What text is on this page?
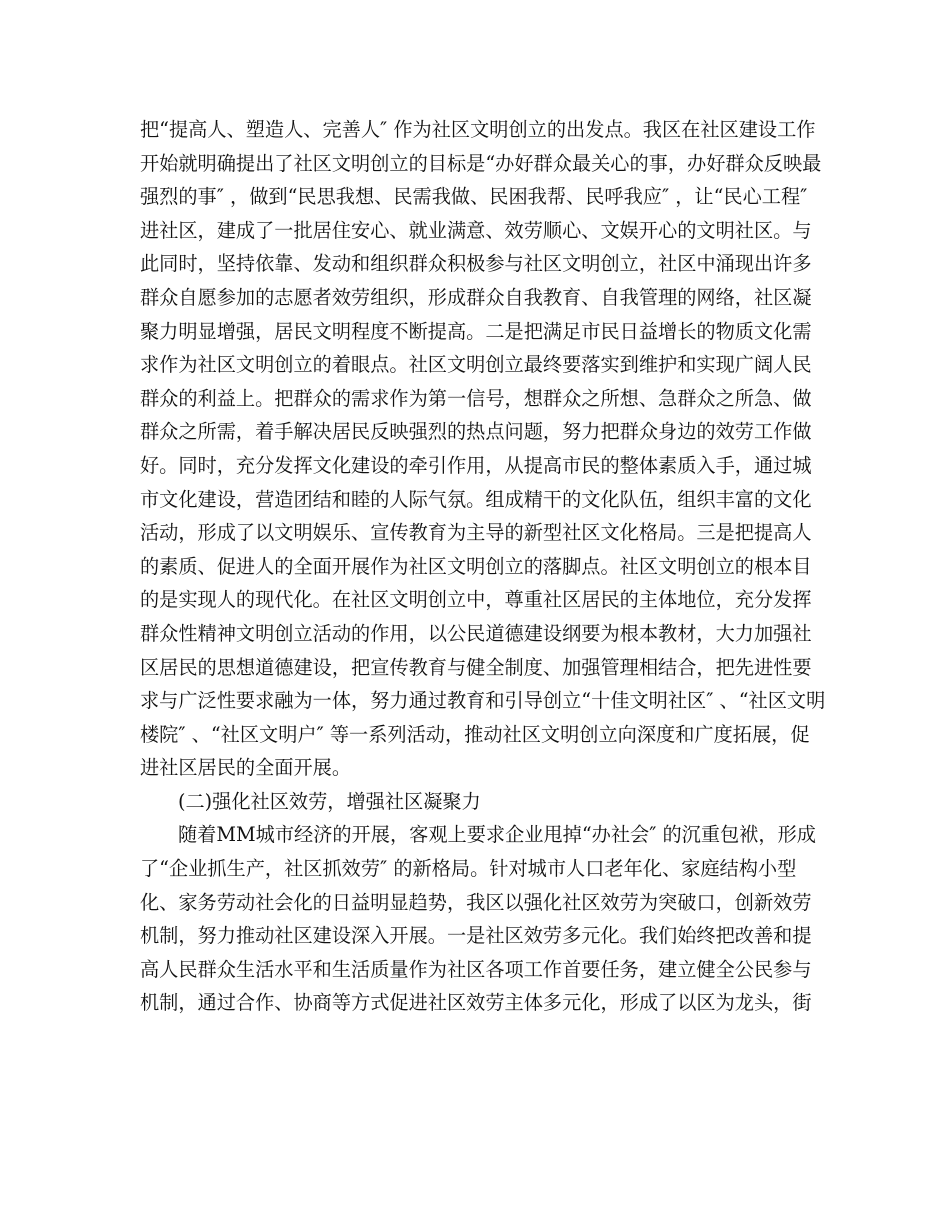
把“提高人、塑造人、完善人″ 作为社区文明创立的出发点。我区在社区建设工作
开始就明确提出了社区文明创立的目标是“办好群众最关心的事，办好群众反映最
强烈的事″ ，做到“民思我想、民需我做、民困我帮、民呼我应″ ，让“民心工程″
进社区，建成了一批居住安心、就业满意、效劳顺心、文娱开心的文明社区。与
此同时，坚持依靠、发动和组织群众积极参与社区文明创立，社区中涌现出许多
群众自愿参加的志愿者效劳组织，形成群众自我教育、自我管理的网络，社区凝
聚力明显增强，居民文明程度不断提高。二是把满足市民日益增长的物质文化需
求作为社区文明创立的着眼点。社区文明创立最终要落实到维护和实现广阔人民
群众的利益上。把群众的需求作为第一信号，想群众之所想、急群众之所急、做
群众之所需，着手解决居民反映强烈的热点问题，努力把群众身边的效劳工作做
好。同时，充分发挥文化建设的牵引作用，从提高市民的整体素质入手，通过城
市文化建设，营造团结和睦的人际气氛。组成精干的文化队伍，组织丰富的文化
活动，形成了以文明娱乐、宣传教育为主导的新型社区文化格局。三是把提高人
的素质、促进人的全面开展作为社区文明创立的落脚点。社区文明创立的根本目
的是实现人的现代化。在社区文明创立中，尊重社区居民的主体地位，充分发挥
群众性精神文明创立活动的作用，以公民道德建设纲要为根本教材，大力加强社
区居民的思想道德建设，把宣传教育与健全制度、加强管理相结合，把先进性要
求与广泛性要求融为一体，努力通过教育和引导创立“十佳文明社区″ 、“社区文明
楼院″ 、“社区文明户″ 等一系列活动，推动社区文明创立向深度和广度拓展，促
进社区居民的全面开展。
(二)强化社区效劳，增强社区凝聚力
随着MM城市经济的开展，客观上要求企业甩掉“办社会″ 的沉重包袱，形成
了“企业抓生产，社区抓效劳″ 的新格局。针对城市人口老年化、家庭结构小型
化、家务劳动社会化的日益明显趋势，我区以强化社区效劳为突破口，创新效劳
机制，努力推动社区建设深入开展。一是社区效劳多元化。我们始终把改善和提
高人民群众生活水平和生活质量作为社区各项工作首要任务，建立健全公民参与
机制，通过合作、协商等方式促进社区效劳主体多元化，形成了以区为龙头，街
